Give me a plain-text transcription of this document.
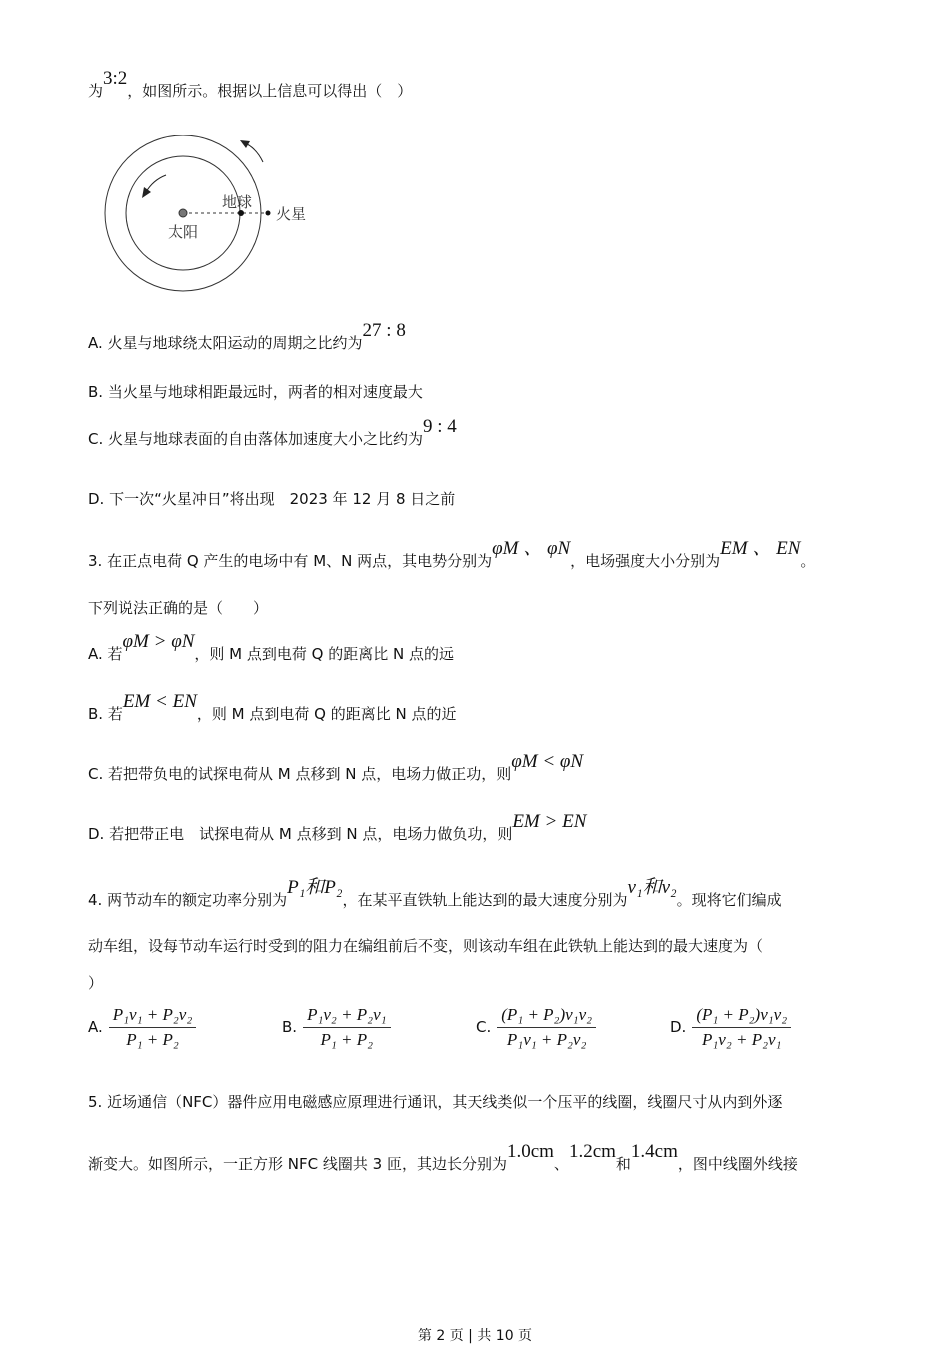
为3:2，如图所示。根据以上信息可以得出（　）
太阳
地球
火星
A. 火星与地球绕太阳运动的周期之比约为27 : 8
B. 当火星与地球相距最远时，两者的相对速度最大
C. 火星与地球表面的自由落体加速度大小之比约为9 : 4
D. 下一次“火星冲日”将出现　2023 年 12 月 8 日之前
3. 在正点电荷 Q 产生的电场中有 M、N 两点，其电势分别为φM 、 φN，电场强度大小分别为EM 、 EN。
下列说法正确的是（　　）
A. 若φM > φN，则 M 点到电荷 Q 的距离比 N 点的远
B. 若EM < EN，则 M 点到电荷 Q 的距离比 N 点的近
C. 若把带负电的试探电荷从 M 点移到 N 点，电场力做正功，则φM < φN
D. 若把带正电　试探电荷从 M 点移到 N 点，电场力做负功，则EM > EN
4. 两节动车的额定功率分别为P₁和P₂，在某平直铁轨上能达到的最大速度分别为v₁和v₂。现将它们编成
动车组，设每节动车运行时受到的阻力在编组前后不变，则该动车组在此铁轨上能达到的最大速度为（
）
A. $\frac{\text{P₁v₁ + P₂v₂}}{\text{P₁ + P₂}}$	B. $\frac{\text{P₁v₂ + P₂v₁}}{\text{P₁ + P₂}}$	C. $\frac{\text{(P₁ + P₂)v₁v₂}}{\text{P₁v₁ + P₂v₂}}$	D. $\frac{\text{(P₁ + P₂)v₁v₂}}{\text{P₁v₂ + P₂v₁}}$
5. 近场通信（NFC）器件应用电磁感应原理进行通讯，其天线类似一个压平的线圈，线圈尺寸从内到外逐
渐变大。如图所示，一正方形 NFC 线圈共 3 匝，其边长分别为1.0cm、1.2cm和1.4cm，图中线圈外线接
第 2 页 | 共 10 页
